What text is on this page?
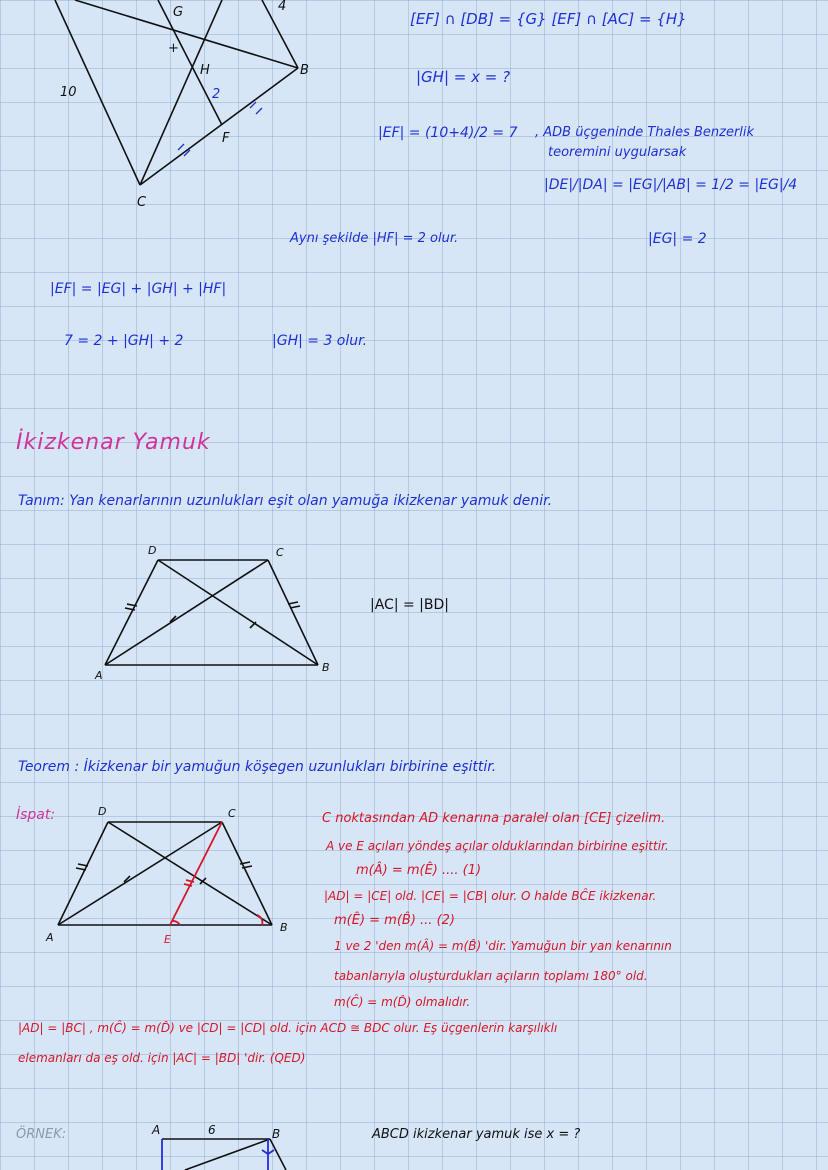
G	4
B
+
H
2
10
F
C
[EF] ∩ [DB] = {G} [EF] ∩ [AC] = {H}
|GH| = x = ?
|EF| = (10+4)/2 = 7 , ADB üçgeninde Thales Benzerlik
teoremini uygularsak
|DE|/|DA| = |EG|/|AB| = 1/2 = |EG|/4
|EG| = 2
Aynı şekilde |HF| = 2 olur.
|EF| = |EG| + |GH| + |HF|
7 = 2 + |GH| + 2	|GH| = 3 olur.
İkizkenar Yamuk
Tanım: Yan kenarlarının uzunlukları eşit olan yamuğa ikizkenar yamuk denir.
D	C
A
B
|AC| = |BD|
Teorem : İkizkenar bir yamuğun köşegen uzunlukları birbirine eşittir.
İspat:	D	C
A	E
B
C noktasından AD kenarına paralel olan [CE] çizelim.
A ve E açıları yöndeş açılar olduklarından birbirine eşittir.
m(Â) = m(Ê) .... (1)
|AD| = |CE| old. |CE| = |CB| olur. O halde BĈE ikizkenar.
m(Ê) = m(B̂) ... (2)
1 ve 2 'den m(Â) = m(B̂) 'dir. Yamuğun bir yan kenarının
tabanlarıyla oluşturdukları açıların toplamı 180° old.
m(Ĉ) = m(D̂) olmalıdır.
|AD| = |BC| , m(Ĉ) = m(D̂) ve |CD| = |CD| old. için ACD ≅ BDC olur. Eş üçgenlerin karşılıklı
elemanları da eş old. için |AC| = |BD| 'dir. (QED)
ÖRNEK:	A	6	B	ABCD ikizkenar yamuk ise x = ?
